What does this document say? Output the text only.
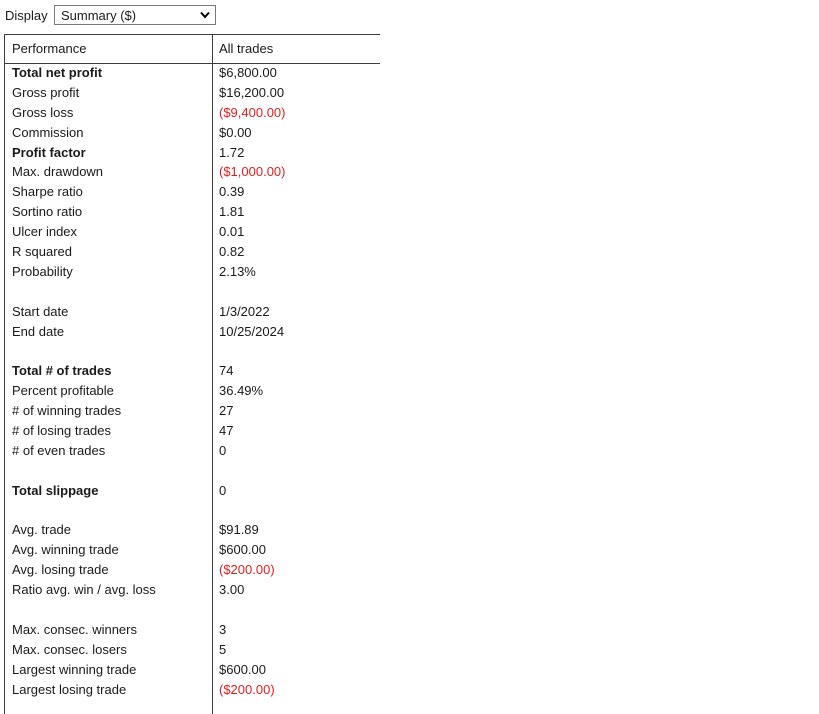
Display Summary ($)
Performance	All trades
Total net profit	$6,800.00
Gross profit	$16,200.00
Gross loss	($9,400.00)
Commission	$0.00
Profit factor	1.72
Max. drawdown	($1,000.00)
Sharpe ratio	0.39
Sortino ratio	1.81
Ulcer index	0.01
R squared	0.82
Probability	2.13%
Start date	1/3/2022
End date	10/25/2024
Total # of trades	74
Percent profitable	36.49%
# of winning trades	27
# of losing trades	47
# of even trades	0
Total slippage	0
Avg. trade	$91.89
Avg. winning trade	$600.00
Avg. losing trade	($200.00)
Ratio avg. win / avg. loss	3.00
Max. consec. winners	3
Max. consec. losers	5
Largest winning trade	$600.00
Largest losing trade	($200.00)
